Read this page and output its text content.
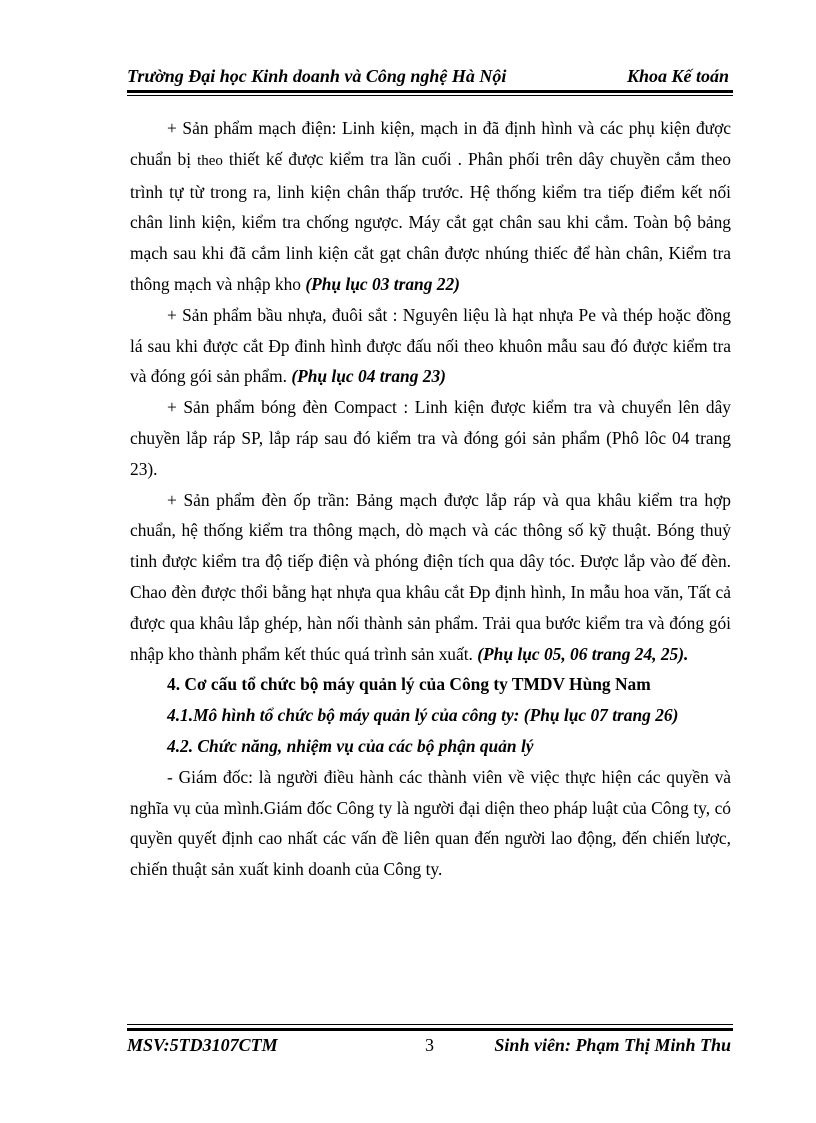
Trường Đại học Kinh doanh và Công nghệ Hà Nội	Khoa Kế toán

+ Sản phẩm mạch điện: Linh kiện, mạch in đã định hình và các phụ kiện được chuẩn bị theo thiết kế được kiểm tra lần cuối . Phân phối trên dây chuyền cắm theo trình tự từ trong ra, linh kiện chân thấp trước. Hệ thống kiểm tra tiếp điểm kết nối chân linh kiện, kiểm tra chống ngược. Máy cắt gạt chân sau khi cắm. Toàn bộ bảng mạch sau khi đã cắm linh kiện cắt gạt chân được nhúng thiếc để hàn chân, Kiểm tra thông mạch và nhập kho (Phụ lục 03 trang 22)

+ Sản phẩm bầu nhựa, đuôi sắt : Nguyên liệu là hạt nhựa Pe và thép hoặc đồng lá sau khi được cắt Đp đinh hình được đấu nối theo khuôn mẫu sau đó được kiểm tra và đóng gói sản phẩm. (Phụ lục 04 trang 23)

+ Sản phẩm bóng đèn Compact : Linh kiện được kiểm tra và chuyển lên dây chuyền lắp ráp SP, lắp ráp sau đó kiểm tra và đóng gói sản phẩm (Phô lôc 04 trang 23).

+ Sản phẩm đèn ốp trần: Bảng mạch được lắp ráp và qua khâu kiểm tra hợp chuẩn, hệ thống kiểm tra thông mạch, dò mạch và các thông số kỹ thuật. Bóng thuỷ tinh được kiểm tra độ tiếp điện và phóng điện tích qua dây tóc. Được lắp vào đế đèn. Chao đèn được thổi bằng hạt nhựa qua khâu cắt Đp định hình, In mẫu hoa văn, Tất cả được qua khâu lắp ghép, hàn nối thành sản phẩm. Trải qua bước kiểm tra và đóng gói nhập kho thành phẩm kết thúc quá trình sản xuất. (Phụ lục 05, 06 trang 24, 25).

4. Cơ cấu tổ chức bộ máy quản lý của Công ty TMDV Hùng Nam
4.1.Mô hình tổ chức bộ máy quản lý của công ty: (Phụ lục 07 trang 26)
4.2. Chức năng, nhiệm vụ của các bộ phận quản lý

- Giám đốc: là người điều hành các thành viên về việc thực hiện các quyền và nghĩa vụ của mình.Giám đốc Công ty là người đại diện theo pháp luật của Công ty, có quyền quyết định cao nhất các vấn đề liên quan đến người lao động, đến chiến lược, chiến thuật sản xuất kinh doanh của Công ty.

MSV:5TD3107CTM	3	Sinh viên: Phạm Thị Minh Thu
